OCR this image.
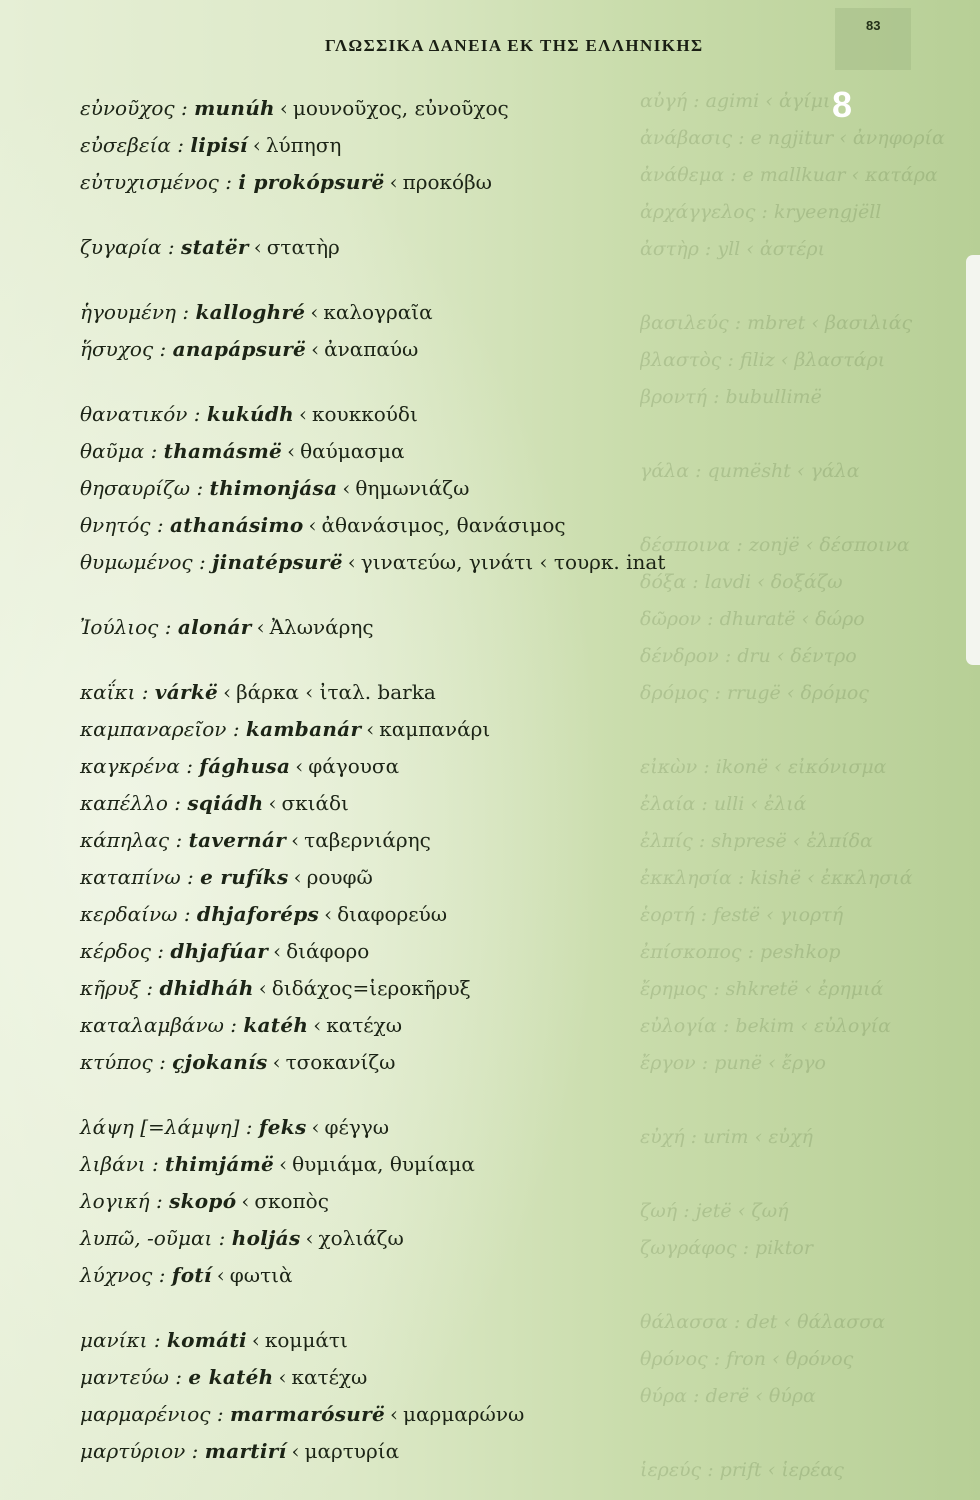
αὐγή : agimi ‹ ἀγίμι
ἀνάβασις : e ngjitur ‹ ἀνηφορία
ἀνάθεμα : e mallkuar ‹ κατάρα
ἀρχάγγελος : kryeengjëll
ἀστὴρ : yll ‹ ἀστέρι
βασιλεύς : mbret ‹ βασιλιάς
βλαστὸς : filiz ‹ βλαστάρι
βροντή : bubullimë
γάλα : qumësht ‹ γάλα
δέσποινα : zonjë ‹ δέσποινα
δόξα : lavdi ‹ δοξάζω
δῶρον : dhuratë ‹ δώρο
δένδρον : dru ‹ δέντρο
δρόμος : rrugë ‹ δρόμος
εἰκὼν : ikonë ‹ εἰκόνισμα
ἐλαία : ulli ‹ ἐλιά
ἐλπίς : shpresë ‹ ἐλπίδα
ἐκκλησία : kishë ‹ ἐκκλησιά
ἑορτή : festë ‹ γιορτή
ἐπίσκοπος : peshkop
ἔρημος : shkretë ‹ ἐρημιά
εὐλογία : bekim ‹ εὐλογία
ἔργον : punë ‹ ἔργο
εὐχή : urim ‹ εὐχή
ζωή : jetë ‹ ζωή
ζωγράφος : piktor
θάλασσα : det ‹ θάλασσα
θρόνος : fron ‹ θρόνος
θύρα : derë ‹ θύρα
ἱερεύς : prift ‹ ἱερέας
ΓΛΩΣΣΙΚΑ ΔΑΝΕΙΑ ΕΚ ΤΗΣ ΕΛΛΗΝΙΚΗΣ
83
8
εὐνοῦχος : munúh ‹ μουνοῦχος, εὐνοῦχος
εὐσεβεία : lipisí ‹ λύπηση
εὐτυχισμένος : i prokópsurë ‹ προκόβω
ζυγαρία : statër ‹ στατὴρ
ἡγουμένη : kalloghré ‹ καλογραῖα
ἥσυχος : anapápsurë ‹ ἀναπαύω
θανατικόν : kukúdh ‹ κουκκούδι
θαῦμα : thamásmë ‹ θαύμασμα
θησαυρίζω : thimonjása ‹ θημωνιάζω
θνητός : athanásimo ‹ ἀθανάσιμος, θανάσιμος
θυμωμένος : jinatépsurë ‹ γινατεύω, γινάτι ‹ τουρκ. inat
Ἰούλιος : alonár ‹ Ἀλωνάρης
καΐκι : várkë ‹ βάρκα ‹ ἰταλ. barka
καμπαναρεῖον : kambanár ‹ καμπανάρι
καγκρένα : fághusa ‹ φάγουσα
καπέλλο : sqiádh ‹ σκιάδι
κάπηλας : tavernár ‹ ταβερνιάρης
καταπίνω : e rufíks ‹ ρουφῶ
κερδαίνω : dhjaforéps ‹ διαφορεύω
κέρδος : dhjafúar ‹ διάφορο
κῆρυξ : dhidháh ‹ διδάχος=ἱεροκῆρυξ
καταλαμβάνω : katéh ‹ κατέχω
κτύπος : çjokanís ‹ τσοκανίζω
λάψη [=λάμψη] : feks ‹ φέγγω
λιβάνι : thimjámë ‹ θυμιάμα, θυμίαμα
λογική : skopó ‹ σκοπὸς
λυπῶ, -οῦμαι : holjás ‹ χολιάζω
λύχνος : fotí ‹ φωτιὰ
μανίκι : komáti ‹ κομμάτι
μαντεύω : e katéh ‹ κατέχω
μαρμαρένιος : marmarósurë ‹ μαρμαρώνω
μαρτύριον : martirí ‹ μαρτυρία
